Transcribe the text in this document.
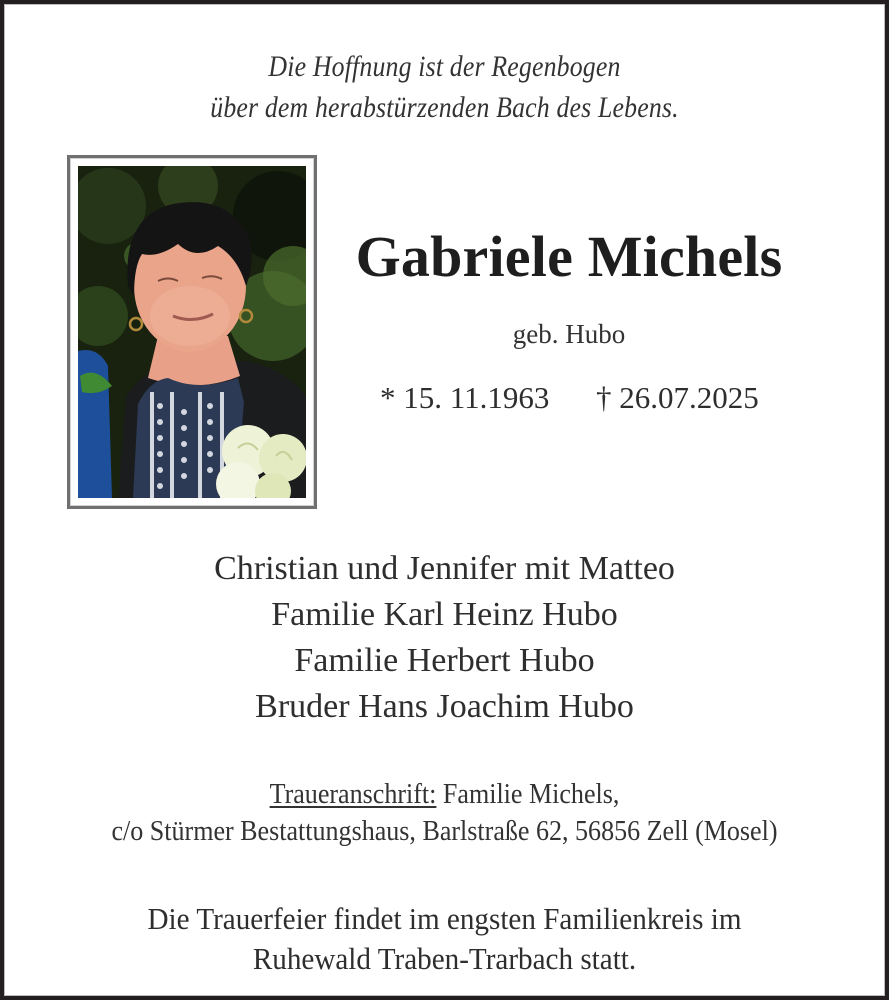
Die Hoffnung ist der Regenbogen
über dem herabstürzenden Bach des Lebens.
Gabriele Michels
geb. Hubo
* 15. 11.1963 † 26.07.2025
Christian und Jennifer mit Matteo
Familie Karl Heinz Hubo
Familie Herbert Hubo
Bruder Hans Joachim Hubo
Traueranschrift: Familie Michels,
c/o Stürmer Bestattungshaus, Barlstraße 62, 56856 Zell (Mosel)
Die Trauerfeier findet im engsten Familienkreis im
Ruhewald Traben-Trarbach statt.
